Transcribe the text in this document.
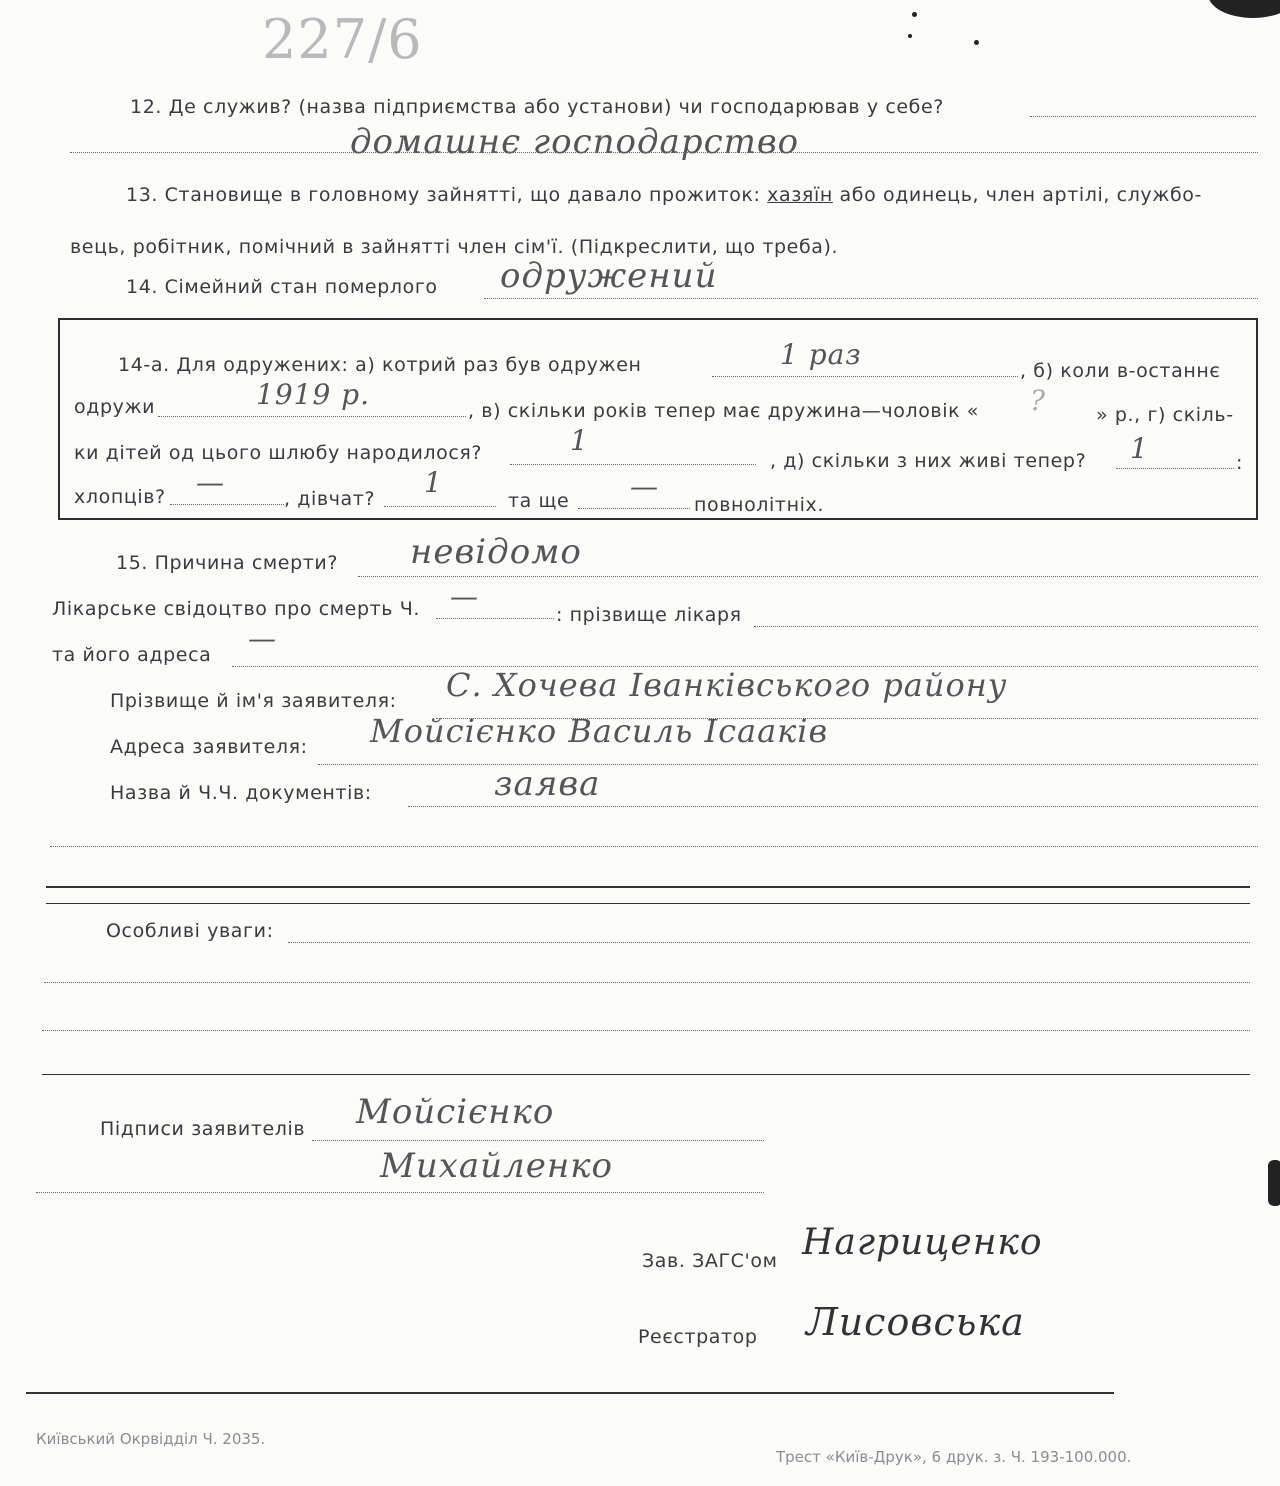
227/6
12. Де служив? (назва підприємства або установи) чи господарював у себе?
домашнє господарство
13. Становище в головному зайнятті, що давало прожиток: хазяїн або одинець, член артілі, службо-
вець, робітник, помічний в зайнятті член сім'ї. (Підкреслити, що треба).
14. Сімейний стан померлого одружений
14-а. Для одружених: а) котрий раз був одружен	1 раз	, б) коли в-останнє
одружи	1919 р.	, в) скільки років тепер має дружина—чоловік « ?	» р., г) скіль-
ки дітей од цього шлюбу народилося?	1
, д) скільки з них живі тепер? 1	:
хлопців? —	, дівчат? 1
та ще —
повнолітніх.
15. Причина смерти? невідомо
Лікарське свідоцтво про смерть Ч. —
: прізвище лікаря
та його адреса —
Прізвище й ім'я заявителя: С. Хочева Іванківського району
Адреса заявителя: Мойсієнко Василь Ісааків
Назва й Ч.Ч. документів:	заява
Особливі уваги:
Підписи заявителів Мойсієнко
Михайленко
Зав. ЗАГС'ом Нагриценко
Реєстратор Лисовська
Київський Окрвідділ Ч. 2035.
Трест «Київ-Друк», 6 друк. з. Ч. 193-100.000.
